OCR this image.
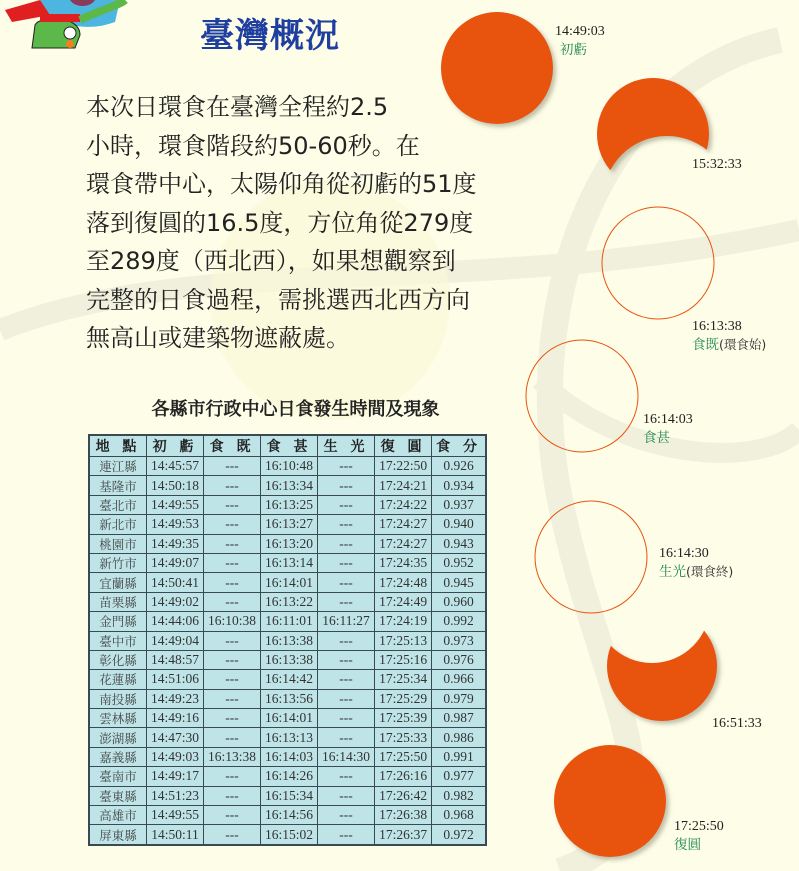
臺灣概況
本次日環食在臺灣全程約2.5
小時，環食階段約50-60秒。在
環食帶中心，太陽仰角從初虧的51度
落到復圓的16.5度，方位角從279度
至289度（西北西），如果想觀察到
完整的日食過程，需挑選西北西方向
無高山或建築物遮蔽處。
各縣市行政中心日食發生時間及現象
地 點	初 虧	食 既	食 甚	生 光	復 圓	食 分
連江縣	14:45:57	---	16:10:48	---	17:22:50	0.926
基隆市	14:50:18	---	16:13:34	---	17:24:21	0.934
臺北市	14:49:55	---	16:13:25	---	17:24:22	0.937
新北市	14:49:53	---	16:13:27	---	17:24:27	0.940
桃園市	14:49:35	---	16:13:20	---	17:24:27	0.943
新竹市	14:49:07	---	16:13:14	---	17:24:35	0.952
宜蘭縣	14:50:41	---	16:14:01	---	17:24:48	0.945
苗栗縣	14:49:02	---	16:13:22	---	17:24:49	0.960
金門縣	14:44:06	16:10:38	16:11:01	16:11:27	17:24:19	0.992
臺中市	14:49:04	---	16:13:38	---	17:25:13	0.973
彰化縣	14:48:57	---	16:13:38	---	17:25:16	0.976
花蓮縣	14:51:06	---	16:14:42	---	17:25:34	0.966
南投縣	14:49:23	---	16:13:56	---	17:25:29	0.979
雲林縣	14:49:16	---	16:14:01	---	17:25:39	0.987
澎湖縣	14:47:30	---	16:13:13	---	17:25:33	0.986
嘉義縣	14:49:03	16:13:38	16:14:03	16:14:30	17:25:50	0.991
臺南市	14:49:17	---	16:14:26	---	17:26:16	0.977
臺東縣	14:51:23	---	16:15:34	---	17:26:42	0.982
高雄市	14:49:55	---	16:14:56	---	17:26:38	0.968
屏東縣	14:50:11	---	16:15:02	---	17:26:37	0.972
14:49:03
初虧
15:32:33
16:13:38
食既(環食始)
16:14:03
食甚
16:14:30
生光(環食終)
16:51:33
17:25:50
復圓
